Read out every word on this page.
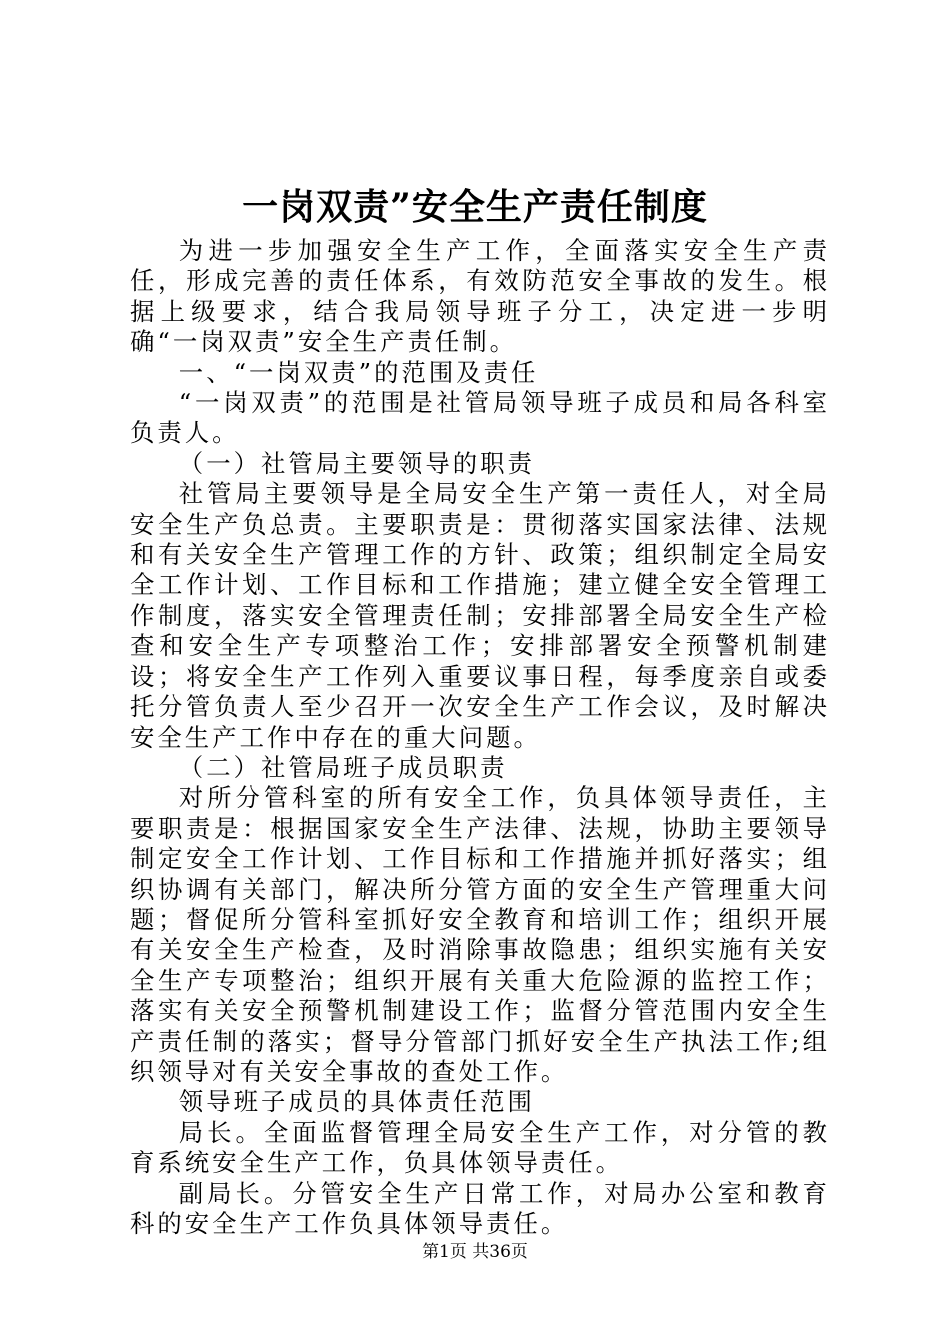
一岗双责”安全生产责任制度

为进一步加强安全生产工作，全面落实安全生产责任，形成完善的责任体系，有效防范安全事故的发生。根据上级要求，结合我局领导班子分工，决定进一步明确“一岗双责”安全生产责任制。

一、“一岗双责”的范围及责任

“一岗双责”的范围是社管局领导班子成员和局各科室负责人。

（一）社管局主要领导的职责

社管局主要领导是全局安全生产第一责任人，对全局安全生产负总责。主要职责是：贯彻落实国家法律、法规和有关安全生产管理工作的方针、政策；组织制定全局安全工作计划、工作目标和工作措施；建立健全安全管理工作制度，落实安全管理责任制；安排部署全局安全生产检查和安全生产专项整治工作；安排部署安全预警机制建设；将安全生产工作列入重要议事日程，每季度亲自或委托分管负责人至少召开一次安全生产工作会议，及时解决安全生产工作中存在的重大问题。

（二）社管局班子成员职责

对所分管科室的所有安全工作，负具体领导责任，主要职责是：根据国家安全生产法律、法规，协助主要领导制定安全工作计划、工作目标和工作措施并抓好落实；组织协调有关部门，解决所分管方面的安全生产管理重大问题；督促所分管科室抓好安全教育和培训工作；组织开展有关安全生产检查，及时消除事故隐患；组织实施有关安全生产专项整治；组织开展有关重大危险源的监控工作；落实有关安全预警机制建设工作；监督分管范围内安全生产责任制的落实；督导分管部门抓好安全生产执法工作;组织领导对有关安全事故的查处工作。

领导班子成员的具体责任范围

局长。全面监督管理全局安全生产工作，对分管的教育系统安全生产工作，负具体领导责任。

副局长。分管安全生产日常工作，对局办公室和教育科的安全生产工作负具体领导责任。

第1页 共36页
